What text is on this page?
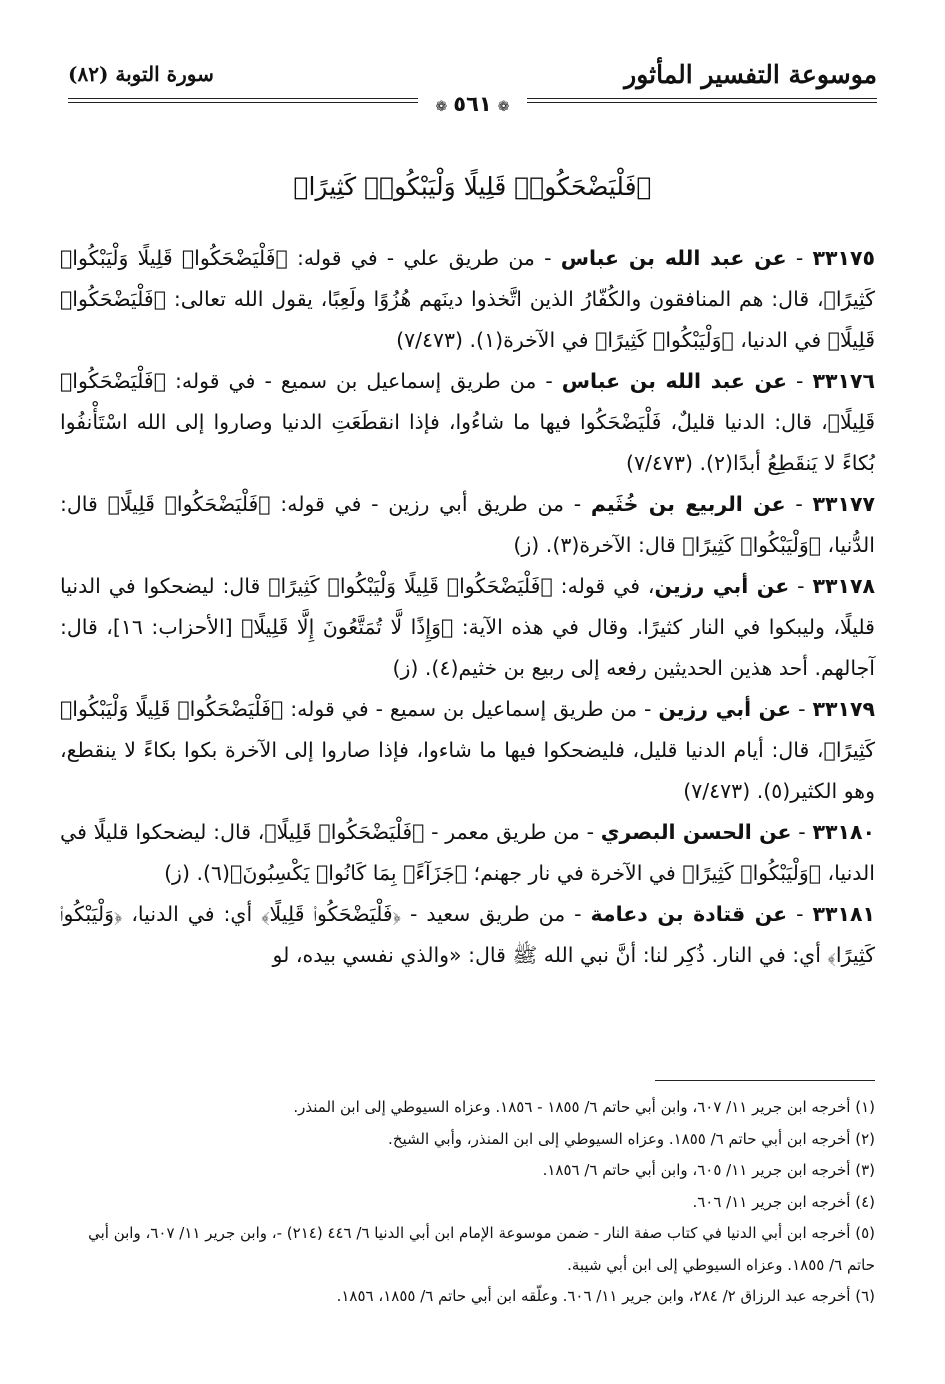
موسوعة التفسير المأثور
سورة التوبة (٨٢)
❁٥٦١❁
﴿فَلْيَضْحَكُوا۟ قَلِيلًا وَلْيَبْكُوا۟ كَثِيرًا﴾

٣٣١٧٥ - عن عبد الله بن عباس - من طريق علي - في قوله: ﴿فَلْيَضْحَكُوا۟ قَلِيلًا وَلْيَبْكُوا۟ كَثِيرًا﴾، قال: هم المنافقون والكُفّارُ الذين اتَّخذوا دينَهم هُزُوًا ولَعِبًا، يقول الله تعالى: ﴿فَلْيَضْحَكُوا۟ قَلِيلًا﴾ في الدنيا، ﴿وَلْيَبْكُوا۟ كَثِيرًا﴾ في الآخرة(١). (٧/٤٧٣)

٣٣١٧٦ - عن عبد الله بن عباس - من طريق إسماعيل بن سميع - في قوله: ﴿فَلْيَضْحَكُوا۟ قَلِيلًا﴾، قال: الدنيا قليلٌ، فَلْيَضْحَكُوا فيها ما شاءُوا، فإذا انقطَعَتِ الدنيا وصاروا إلى الله اسْتَأْنفُوا بُكاءً لا يَنقَطِعُ أبدًا(٢). (٧/٤٧٣)

٣٣١٧٧ - عن الربيع بن خُثَيم - من طريق أبي رزين - في قوله: ﴿فَلْيَضْحَكُوا۟ قَلِيلًا﴾ قال: الدُّنيا، ﴿وَلْيَبْكُوا۟ كَثِيرًا﴾ قال: الآخرة(٣). (ز)

٣٣١٧٨ - عن أبي رزين، في قوله: ﴿فَلْيَضْحَكُوا۟ قَلِيلًا وَلْيَبْكُوا۟ كَثِيرًا﴾ قال: ليضحكوا في الدنيا قليلًا، وليبكوا في النار كثيرًا. وقال في هذه الآية: ﴿وَإِذًا لَّا تُمَتَّعُونَ إِلَّا قَلِيلًا﴾ [الأحزاب: ١٦]، قال: آجالهم. أحد هذين الحديثين رفعه إلى ربيع بن خثيم(٤). (ز)

٣٣١٧٩ - عن أبي رزين - من طريق إسماعيل بن سميع - في قوله: ﴿فَلْيَضْحَكُوا۟ قَلِيلًا وَلْيَبْكُوا۟ كَثِيرًا﴾، قال: أيام الدنيا قليل، فليضحكوا فيها ما شاءوا، فإذا صاروا إلى الآخرة بكوا بكاءً لا ينقطع، وهو الكثير(٥). (٧/٤٧٣)

٣٣١٨٠ - عن الحسن البصري - من طريق معمر - ﴿فَلْيَضْحَكُوا۟ قَلِيلًا﴾، قال: ليضحكوا قليلًا في الدنيا، ﴿وَلْيَبْكُوا۟ كَثِيرًا﴾ في الآخرة في نار جهنم؛ ﴿جَزَآءًۢ بِمَا كَانُوا۟ يَكْسِبُونَ﴾(٦). (ز)

٣٣١٨١ - عن قتادة بن دعامة - من طريق سعيد - ﴿فَلْيَضْحَكُوا۟ قَلِيلًا﴾ أي: في الدنيا، ﴿وَلْيَبْكُوا۟ كَثِيرًا﴾ أي: في النار. ذُكِر لنا: أنَّ نبي الله ﷺ قال: «والذي نفسي بيده، لو

(١) أخرجه ابن جرير ١١/ ٦٠٧، وابن أبي حاتم ٦/ ١٨٥٥ - ١٨٥٦. وعزاه السيوطي إلى ابن المنذر.

(٢) أخرجه ابن أبي حاتم ٦/ ١٨٥٥. وعزاه السيوطي إلى ابن المنذر، وأبي الشيخ.

(٣) أخرجه ابن جرير ١١/ ٦٠٥، وابن أبي حاتم ٦/ ١٨٥٦.

(٤) أخرجه ابن جرير ١١/ ٦٠٦.

(٥) أخرجه ابن أبي الدنيا في كتاب صفة النار - ضمن موسوعة الإمام ابن أبي الدنيا ٦/ ٤٤٦ (٢١٤) -، وابن جرير ١١/ ٦٠٧، وابن أبي حاتم ٦/ ١٨٥٥. وعزاه السيوطي إلى ابن أبي شيبة.

(٦) أخرجه عبد الرزاق ٢/ ٢٨٤، وابن جرير ١١/ ٦٠٦. وعلّقه ابن أبي حاتم ٦/ ١٨٥٥، ١٨٥٦.
